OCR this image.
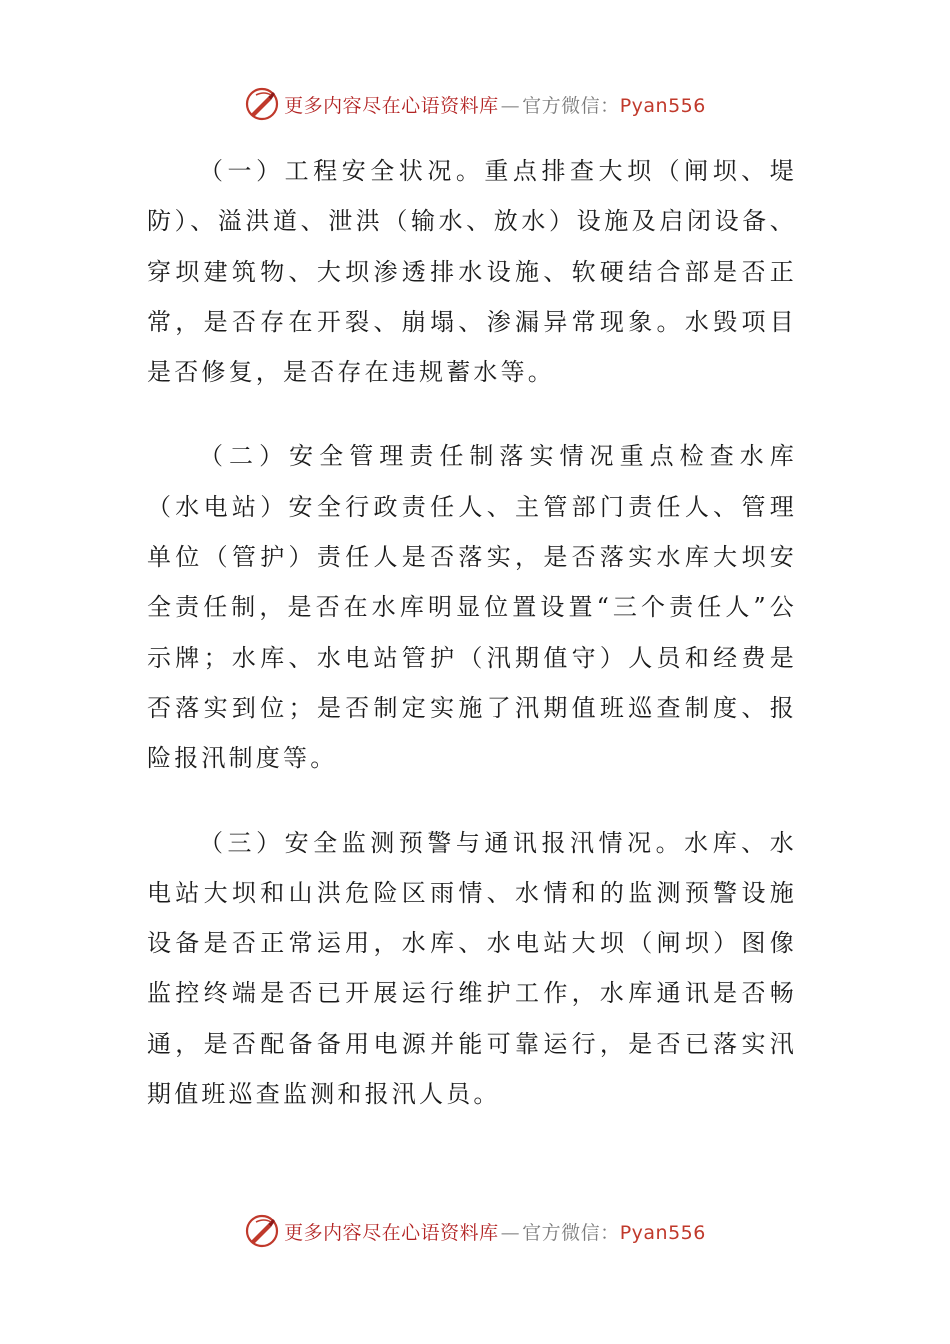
更多内容尽在心语资料库 — 官方微信：Pyan556

（一）工程安全状况。重点排查大坝（闸坝、堤防）、溢洪道、泄洪（输水、放水）设施及启闭设备、穿坝建筑物、大坝渗透排水设施、软硬结合部是否正常，是否存在开裂、崩塌、渗漏异常现象。水毁项目是否修复，是否存在违规蓄水等。

（二）安全管理责任制落实情况重点检查水库（水电站）安全行政责任人、主管部门责任人、管理单位（管护）责任人是否落实，是否落实水库大坝安全责任制，是否在水库明显位置设置“三个责任人”公示牌；水库、水电站管护（汛期值守）人员和经费是否落实到位；是否制定实施了汛期值班巡查制度、报险报汛制度等。

（三）安全监测预警与通讯报汛情况。水库、水电站大坝和山洪危险区雨情、水情和的监测预警设施设备是否正常运用，水库、水电站大坝（闸坝）图像监控终端是否已开展运行维护工作，水库通讯是否畅通，是否配备备用电源并能可靠运行，是否已落实汛期值班巡查监测和报汛人员。

更多内容尽在心语资料库 — 官方微信：Pyan556
